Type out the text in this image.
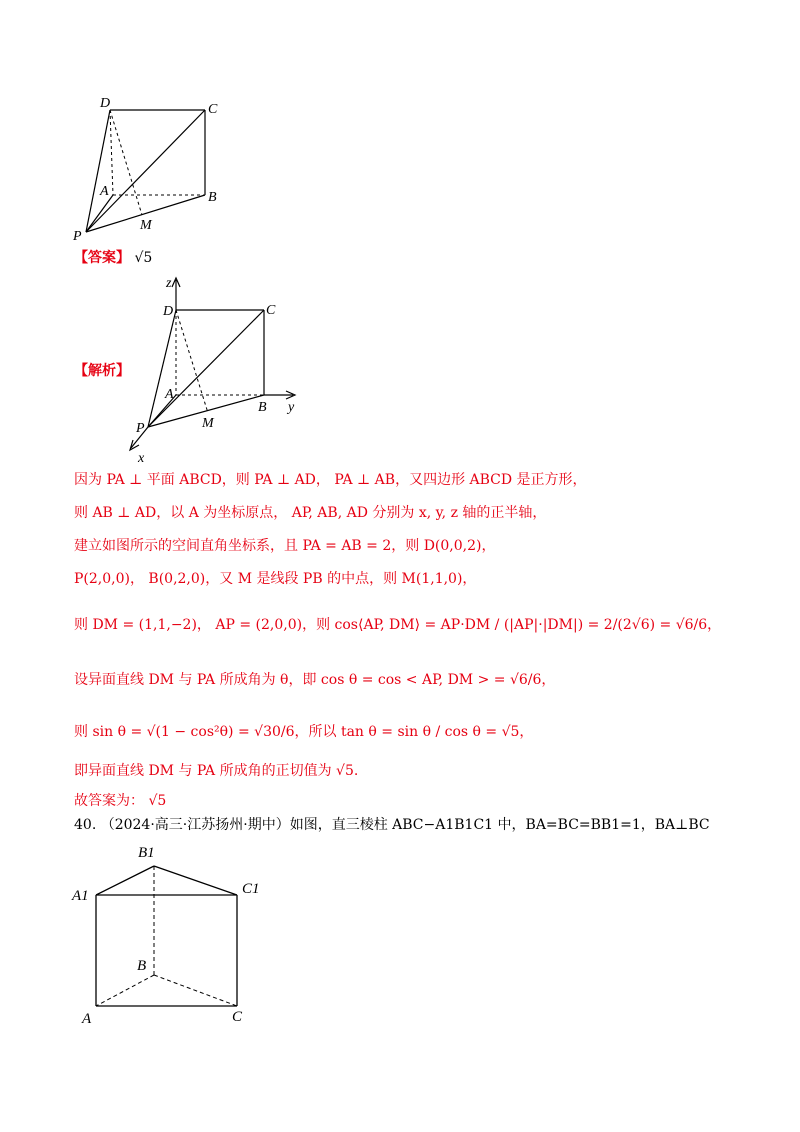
D	C
A	B
P
M
【答案】 √5
【解析】
z
D	C
A
B y
P	M
x
因为 PA ⊥ 平面 ABCD，则 PA ⊥ AD， PA ⊥ AB，又四边形 ABCD 是正方形，
则 AB ⊥ AD，以 A 为坐标原点， AP, AB, AD 分别为 x, y, z 轴的正半轴，
建立如图所示的空间直角坐标系，且 PA = AB = 2，则 D(0,0,2)，
P(2,0,0)， B(0,2,0)，又 M 是线段 PB 的中点，则 M(1,1,0)，
则 DM = (1,1,−2)， AP = (2,0,0)，则 cos⟨AP, DM⟩ = AP·DM / (|AP|·|DM|) = 2/(2√6) = √6/6，
设异面直线 DM 与 PA 所成角为 θ，即 cos θ = cos < AP, DM > = √6/6，
则 sin θ = √(1 − cos²θ) = √30/6，所以 tan θ = sin θ / cos θ = √5，
即异面直线 DM 与 PA 所成角的正切值为 √5.
故答案为： √5
40. （2024·高三·江苏扬州·期中）如图，直三棱柱 ABC−A1B1C1 中，BA=BC=BB1=1，BA⊥BC
B1
A1	C1
B
A	C
